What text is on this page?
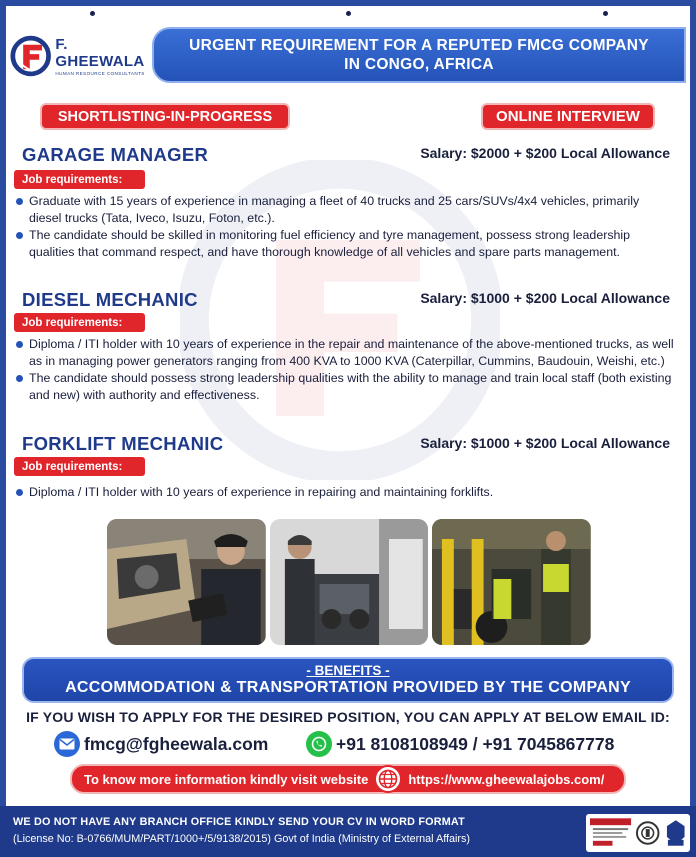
F. GHEEWALA
HUMAN RESOURCE CONSULTANTS
URGENT REQUIREMENT FOR A REPUTED FMCG COMPANY
IN CONGO, AFRICA
SHORTLISTING-IN-PROGRESS	ONLINE INTERVIEW
GARAGE MANAGER	Salary: $2000 + $200 Local Allowance
Job requirements:
Graduate with 15 years of experience in managing a fleet of 40 trucks and 25 cars/SUVs/4x4 vehicles, primarily diesel trucks (Tata, Iveco, Isuzu, Foton, etc.).
The candidate should be skilled in monitoring fuel efficiency and tyre management, possess strong leadership qualities that command respect, and have thorough knowledge of all vehicles and spare parts management.
DIESEL MECHANIC	Salary: $1000 + $200 Local Allowance
Job requirements:
Diploma / ITI holder with 10 years of experience in the repair and maintenance of the above-mentioned trucks, as well as in managing power generators ranging from 400 KVA to 1000 KVA (Caterpillar, Cummins, Baudouin, Weishi, etc.)
The candidate should possess strong leadership qualities with the ability to manage and train local staff (both existing and new) with authority and effectiveness.
FORKLIFT MECHANIC	Salary: $1000 + $200 Local Allowance
Job requirements:
Diploma / ITI holder with 10 years of experience in repairing and maintaining forklifts.
- BENEFITS -
ACCOMMODATION & TRANSPORTATION PROVIDED BY THE COMPANY
IF YOU WISH TO APPLY FOR THE DESIRED POSITION, YOU CAN APPLY AT BELOW EMAIL ID:
fmcg@fgheewala.com	+91 8108108949 / +91 7045867778
To know more information kindly visit website	https://www.gheewalajobs.com/
WE DO NOT HAVE ANY BRANCH OFFICE KINDLY SEND YOUR CV IN WORD FORMAT
(License No: B-0766/MUM/PART/1000+/5/9138/2015) Govt of India (Ministry of External Affairs)
